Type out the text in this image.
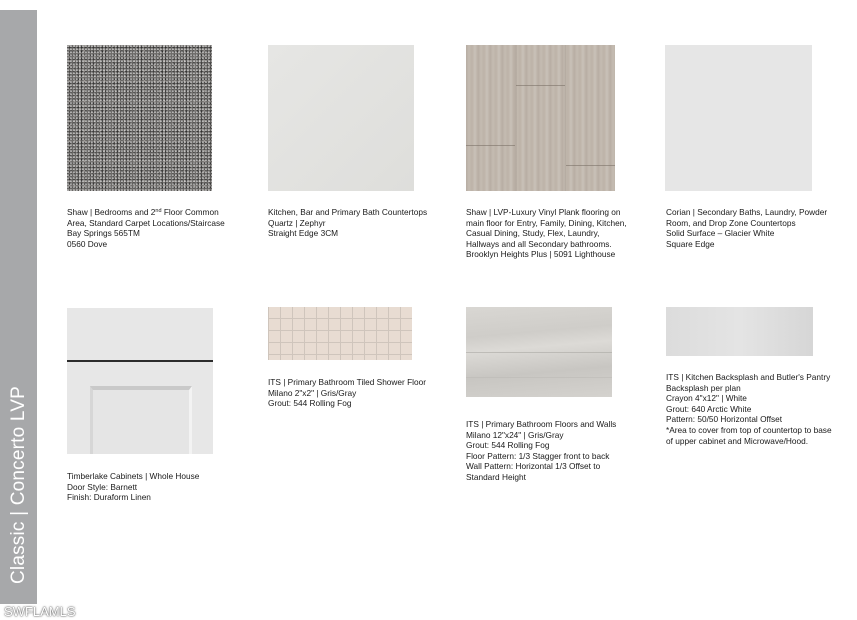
Classic | Concerto LVP
SWFLAMLS
Shaw | Bedrooms and 2nd Floor Common
Area, Standard Carpet Locations/Staircase
Bay Springs 565TM
0560 Dove
Kitchen, Bar and Primary Bath Countertops
Quartz | Zephyr
Straight Edge 3CM
Shaw | LVP-Luxury Vinyl Plank flooring on
main floor for Entry, Family, Dining, Kitchen,
Casual Dining, Study, Flex, Laundry,
Hallways and all Secondary bathrooms.
Brooklyn Heights Plus | 5091 Lighthouse
Corian | Secondary Baths, Laundry, Powder
Room, and Drop Zone Countertops
Solid Surface – Glacier White
Square Edge
Timberlake Cabinets | Whole House
Door Style: Barnett
Finish: Duraform Linen
ITS | Primary Bathroom Tiled Shower Floor
Milano 2"x2" | Gris/Gray
Grout: 544 Rolling Fog
ITS | Primary Bathroom Floors and Walls
Milano 12"x24" | Gris/Gray
Grout: 544 Rolling Fog
Floor Pattern: 1/3 Stagger front to back
Wall Pattern: Horizontal 1/3 Offset to
Standard Height
ITS | Kitchen Backsplash and Butler's Pantry
Backsplash per plan
Crayon 4"x12" | White
Grout: 640 Arctic White
Pattern: 50/50 Horizontal Offset
*Area to cover from top of countertop to base
of upper cabinet and Microwave/Hood.
